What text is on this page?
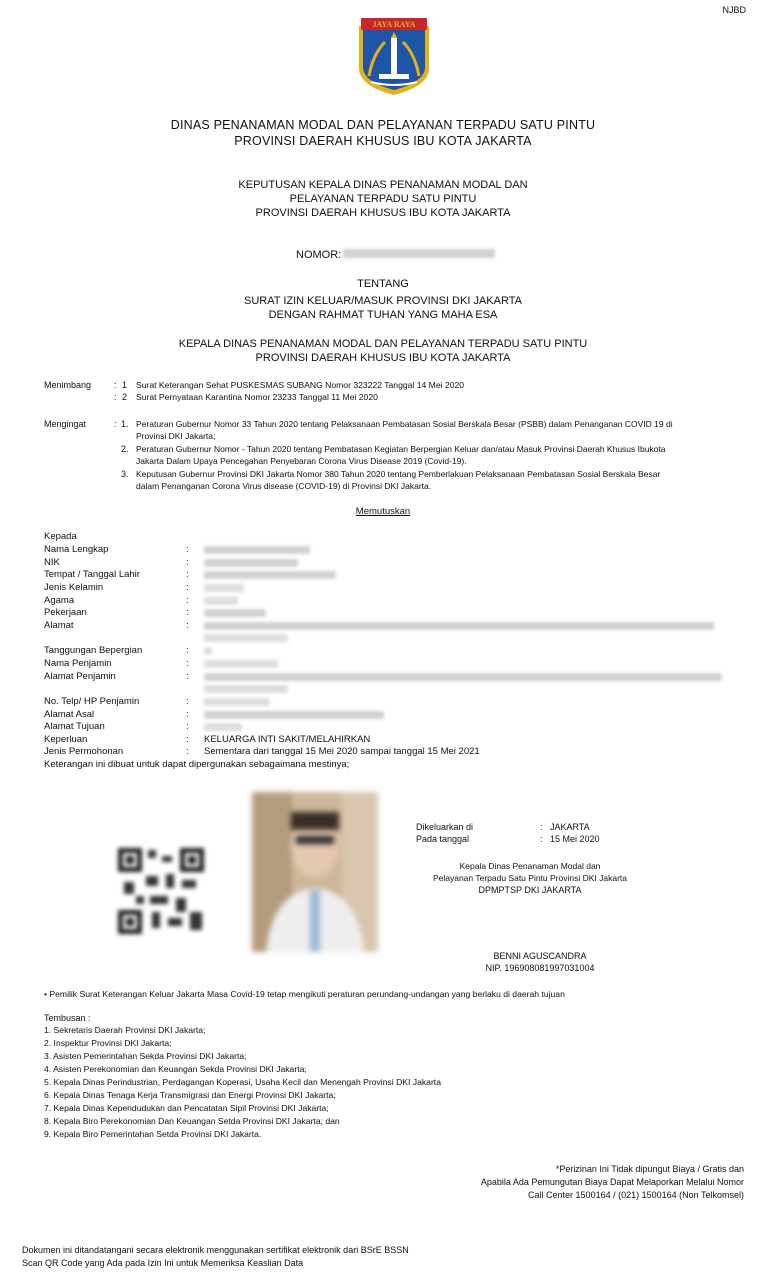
NJBD
JAYA RAYA
DINAS PENANAMAN MODAL DAN PELAYANAN TERPADU SATU PINTU
PROVINSI DAERAH KHUSUS IBU KOTA JAKARTA
KEPUTUSAN KEPALA DINAS PENANAMAN MODAL DAN
PELAYANAN TERPADU SATU PINTU
PROVINSI DAERAH KHUSUS IBU KOTA JAKARTA
NOMOR:
TENTANG
SURAT IZIN KELUAR/MASUK PROVINSI DKI JAKARTA
DENGAN RAHMAT TUHAN YANG MAHA ESA
KEPALA DINAS PENANAMAN MODAL DAN PELAYANAN TERPADU SATU PINTU
PROVINSI DAERAH KHUSUS IBU KOTA JAKARTA
Menimbang	: 1 Surat Keterangan Sehat PUSKESMAS SUBANG Nomor 323222 Tanggal 14 Mei 2020
: 2 Surat Pernyataan Karantina Nomor 23233 Tanggal 11 Mei 2020
Mengingat	: 1. Peraturan Gubernur Nomor 33 Tahun 2020 tentang Pelaksanaan Pembatasan Sosial Berskala Besar (PSBB) dalam Penanganan COVID 19 di
Provinsi DKI Jakarta;
2. Peraturan Gubernur Nomor - Tahun 2020 tentang Pembatasan Kegiatan Berpergian Keluar dan/atau Masuk Provinsi Daerah Khusus Ibukota
Jakarta Dalam Upaya Pencegahan Penyebaran Corona Virus Disease 2019 (Covid-19).
3. Keputusan Gubernur Provinsi DKI Jakarta Nomor 380 Tahun 2020 tentang Pemberlakuan Pelaksanaan Pembatasan Sosial Berskala Besar
dalam Penanganan Corona Virus disease (COVID-19) di Provinsi DKI Jakarta.
Memutuskan
Kepada
Nama Lengkap	:
NIK	:
Tempat / Tanggal Lahir	:
Jenis Kelamin	:
Agama	:
Pekerjaan	:
Alamat	:
Tanggungan Bepergian	:
Nama Penjamin	:
Alamat Penjamin	:
No. Telp/ HP Penjamin	:
Alamat Asal	:
Alamat Tujuan	:
Keperluan	: KELUARGA INTI SAKIT/MELAHIRKAN
Jenis Permohonan	: Sementara dari tanggal 15 Mei 2020 sampai tanggal 15 Mei 2021
Keterangan ini dibuat untuk dapat dipergunakan sebagaimana mestinya;
Dikeluarkan di	: JAKARTA
Pada tanggal	: 15 Mei 2020
Kepala Dinas Penanaman Modal dan
Pelayanan Terpadu Satu Pintu Provinsi DKI Jakarta
DPMPTSP DKI JAKARTA
BENNI AGUSCANDRA
NIP. 196908081997031004
• Pemilik Surat Keterangan Keluar Jakarta Masa Covid-19 tetap mengikuti peraturan perundang-undangan yang berlaku di daerah tujuan
Tembusan :
1. Sekretaris Daerah Provinsi DKI Jakarta;
2. Inspektur Provinsi DKI Jakarta;
3. Asisten Pemerintahan Sekda Provinsi DKI Jakarta;
4. Asisten Perekonomian dan Keuangan Sekda Provinsi DKI Jakarta;
5. Kepala Dinas Perindustrian, Perdagangan Koperasi, Usaha Kecil dan Menengah Provinsi DKI Jakarta
6. Kepala Dinas Tenaga Kerja Transmigrasi dan Energi Provinsi DKI Jakarta;
7. Kepala Dinas Kependudukan dan Pencatatan Sipil Provinsi DKI Jakarta;
8. Kepala Biro Perekonomian Dan Keuangan Setda Provinsi DKI Jakarta; dan
9. Kepala Biro Pemerintahan Setda Provinsi DKI Jakarta.
*Perizinan Ini Tidak dipungut Biaya / Gratis dan
Apabila Ada Pemungutan Biaya Dapat Melaporkan Melalui Nomor
Call Center 1500164 / (021) 1500164 (Non Telkomsel)
Dokumen ini ditandatangani secara elektronik menggunakan sertifikat elektronik dari BSrE BSSN
Scan QR Code yang Ada pada Izin Ini untuk Memeriksa Keaslian Data
